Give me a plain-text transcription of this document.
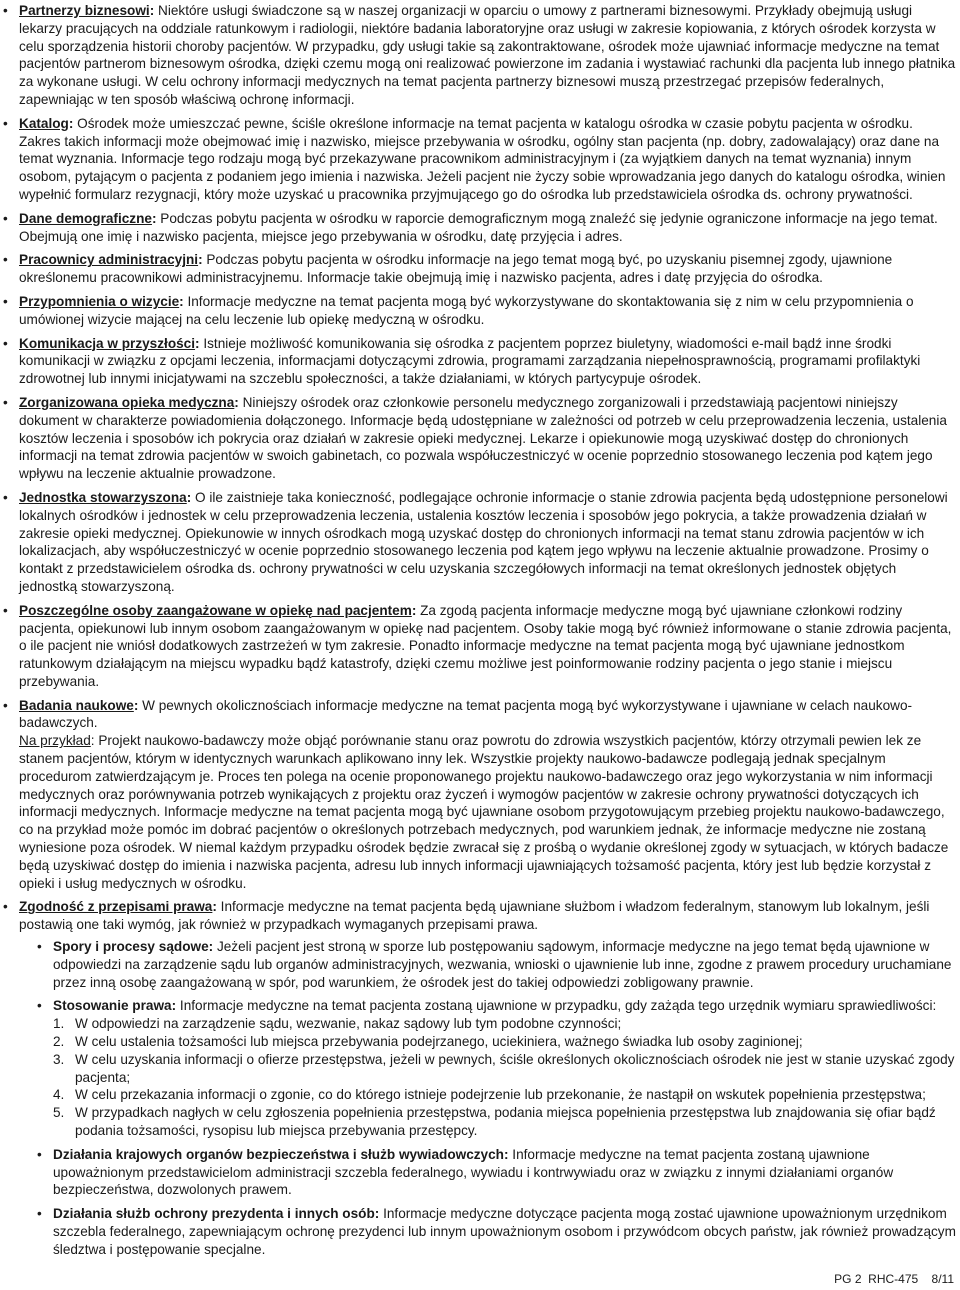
• Partnerzy biznesowi: Niektóre usługi świadczone są w naszej organizacji w oparciu o umowy z partnerami biznesowymi. Przykłady obejmują usługi lekarzy pracujących na oddziale ratunkowym i radiologii, niektóre badania laboratoryjne oraz usługi w zakresie kopiowania, z których ośrodek korzysta w celu sporządzenia historii choroby pacjentów. W przypadku, gdy usługi takie są zakontraktowane, ośrodek może ujawniać informacje medyczne na temat pacjentów partnerom biznesowym ośrodka, dzięki czemu mogą oni realizować powierzone im zadania i wystawiać rachunki dla pacjenta lub innego płatnika za wykonane usługi. W celu ochrony informacji medycznych na temat pacjenta partnerzy biznesowi muszą przestrzegać przepisów federalnych, zapewniając w ten sposób właściwą ochronę informacji.
• Katalog: Ośrodek może umieszczać pewne, ściśle określone informacje na temat pacjenta w katalogu ośrodka w czasie pobytu pacjenta w ośrodku. Zakres takich informacji może obejmować imię i nazwisko, miejsce przebywania w ośrodku, ogólny stan pacjenta (np. dobry, zadowalający) oraz dane na temat wyznania. Informacje tego rodzaju mogą być przekazywane pracownikom administracyjnym i (za wyjątkiem danych na temat wyznania) innym osobom, pytającym o pacjenta z podaniem jego imienia i nazwiska. Jeżeli pacjent nie życzy sobie wprowadzania jego danych do katalogu ośrodka, winien wypełnić formularz rezygnacji, który może uzyskać u pracownika przyjmującego go do ośrodka lub przedstawiciela ośrodka ds. ochrony prywatności.
• Dane demograficzne: Podczas pobytu pacjenta w ośrodku w raporcie demograficznym mogą znaleźć się jedynie ograniczone informacje na jego temat. Obejmują one imię i nazwisko pacjenta, miejsce jego przebywania w ośrodku, datę przyjęcia i adres.
• Pracownicy administracyjni: Podczas pobytu pacjenta w ośrodku informacje na jego temat mogą być, po uzyskaniu pisemnej zgody, ujawnione określonemu pracownikowi administracyjnemu. Informacje takie obejmują imię i nazwisko pacjenta, adres i datę przyjęcia do ośrodka.
• Przypomnienia o wizycie: Informacje medyczne na temat pacjenta mogą być wykorzystywane do skontaktowania się z nim w celu przypomnienia o umówionej wizycie mającej na celu leczenie lub opiekę medyczną w ośrodku.
• Komunikacja w przyszłości: Istnieje możliwość komunikowania się ośrodka z pacjentem poprzez biuletyny, wiadomości e-mail bądź inne środki komunikacji w związku z opcjami leczenia, informacjami dotyczącymi zdrowia, programami zarządzania niepełnosprawnością, programami profilaktyki zdrowotnej lub innymi inicjatywami na szczeblu społeczności, a także działaniami, w których partycypuje ośrodek.
• Zorganizowana opieka medyczna: Niniejszy ośrodek oraz członkowie personelu medycznego zorganizowali i przedstawiają pacjentowi niniejszy dokument w charakterze powiadomienia dołączonego. Informacje będą udostępniane w zależności od potrzeb w celu przeprowadzenia leczenia, ustalenia kosztów leczenia i sposobów ich pokrycia oraz działań w zakresie opieki medycznej. Lekarze i opiekunowie mogą uzyskiwać dostęp do chronionych informacji na temat zdrowia pacjentów w swoich gabinetach, co pozwala współuczestniczyć w ocenie poprzednio stosowanego leczenia pod kątem jego wpływu na leczenie aktualnie prowadzone.
• Jednostka stowarzyszona: O ile zaistnieje taka konieczność, podlegające ochronie informacje o stanie zdrowia pacjenta będą udostępnione personelowi lokalnych ośrodków i jednostek w celu przeprowadzenia leczenia, ustalenia kosztów leczenia i sposobów jego pokrycia, a także prowadzenia działań w zakresie opieki medycznej. Opiekunowie w innych ośrodkach mogą uzyskać dostęp do chronionych informacji na temat stanu zdrowia pacjentów w ich lokalizacjach, aby współuczestniczyć w ocenie poprzednio stosowanego leczenia pod kątem jego wpływu na leczenie aktualnie prowadzone. Prosimy o kontakt z przedstawicielem ośrodka ds. ochrony prywatności w celu uzyskania szczegółowych informacji na temat określonych jednostek objętych jednostką stowarzyszoną.
• Poszczególne osoby zaangażowane w opiekę nad pacjentem: Za zgodą pacjenta informacje medyczne mogą być ujawniane członkowi rodziny pacjenta, opiekunowi lub innym osobom zaangażowanym w opiekę nad pacjentem. Osoby takie mogą być również informowane o stanie zdrowia pacjenta, o ile pacjent nie wniósł dodatkowych zastrzeżeń w tym zakresie. Ponadto informacje medyczne na temat pacjenta mogą być ujawniane jednostkom ratunkowym działającym na miejscu wypadku bądź katastrofy, dzięki czemu możliwe jest poinformowanie rodziny pacjenta o jego stanie i miejscu przebywania.
• Badania naukowe: W pewnych okolicznościach informacje medyczne na temat pacjenta mogą być wykorzystywane i ujawniane w celach naukowo-badawczych.
Na przykład: Projekt naukowo-badawczy może objąć porównanie stanu oraz powrotu do zdrowia wszystkich pacjentów, którzy otrzymali pewien lek ze stanem pacjentów, którym w identycznych warunkach aplikowano inny lek. Wszystkie projekty naukowo-badawcze podlegają jednak specjalnym procedurom zatwierdzającym je. Proces ten polega na ocenie proponowanego projektu naukowo-badawczego oraz jego wykorzystania w nim informacji medycznych oraz porównywania potrzeb wynikających z projektu oraz życzeń i wymogów pacjentów w zakresie ochrony prywatności dotyczących ich informacji medycznych. Informacje medyczne na temat pacjenta mogą być ujawniane osobom przygotowującym przebieg projektu naukowo-badawczego, co na przykład może pomóc im dobrać pacjentów o określonych potrzebach medycznych, pod warunkiem jednak, że informacje medyczne nie zostaną wyniesione poza ośrodek. W niemal każdym przypadku ośrodek będzie zwracał się z prośbą o wydanie określonej zgody w sytuacjach, w których badacze będą uzyskiwać dostęp do imienia i nazwiska pacjenta, adresu lub innych informacji ujawniających tożsamość pacjenta, który jest lub będzie korzystał z opieki i usług medycznych w ośrodku.
• Zgodność z przepisami prawa: Informacje medyczne na temat pacjenta będą ujawniane służbom i władzom federalnym, stanowym lub lokalnym, jeśli postawią one taki wymóg, jak również w przypadkach wymaganych przepisami prawa.
• Spory i procesy sądowe: Jeżeli pacjent jest stroną w sporze lub postępowaniu sądowym, informacje medyczne na jego temat będą ujawnione w odpowiedzi na zarządzenie sądu lub organów administracyjnych, wezwania, wnioski o ujawnienie lub inne, zgodne z prawem procedury uruchamiane przez inną osobę zaangażowaną w spór, pod warunkiem, że ośrodek jest do takiej odpowiedzi zobligowany prawnie.
• Stosowanie prawa: Informacje medyczne na temat pacjenta zostaną ujawnione w przypadku, gdy zażąda tego urzędnik wymiaru sprawiedliwości:
1. W odpowiedzi na zarządzenie sądu, wezwanie, nakaz sądowy lub tym podobne czynności;
2. W celu ustalenia tożsamości lub miejsca przebywania podejrzanego, uciekiniera, ważnego świadka lub osoby zaginionej;
3. W celu uzyskania informacji o ofierze przestępstwa, jeżeli w pewnych, ściśle określonych okolicznościach ośrodek nie jest w stanie uzyskać zgody pacjenta;
4. W celu przekazania informacji o zgonie, co do którego istnieje podejrzenie lub przekonanie, że nastąpił on wskutek popełnienia przestępstwa;
5. W przypadkach nagłych w celu zgłoszenia popełnienia przestępstwa, podania miejsca popełnienia przestępstwa lub znajdowania się ofiar bądź podania tożsamości, rysopisu lub miejsca przebywania przestępcy.
• Działania krajowych organów bezpieczeństwa i służb wywiadowczych: Informacje medyczne na temat pacjenta zostaną ujawnione upoważnionym przedstawicielom administracji szczebla federalnego, wywiadu i kontrwywiadu oraz w związku z innymi działaniami organów bezpieczeństwa, dozwolonych prawem.
• Działania służb ochrony prezydenta i innych osób: Informacje medyczne dotyczące pacjenta mogą zostać ujawnione upoważnionym urzędnikom szczebla federalnego, zapewniającym ochronę prezydenci lub innym upoważnionym osobom i przywódcom obcych państw, jak również prowadzącym śledztwa i postępowanie specjalne.
PG 2 RHC-475 8/11
